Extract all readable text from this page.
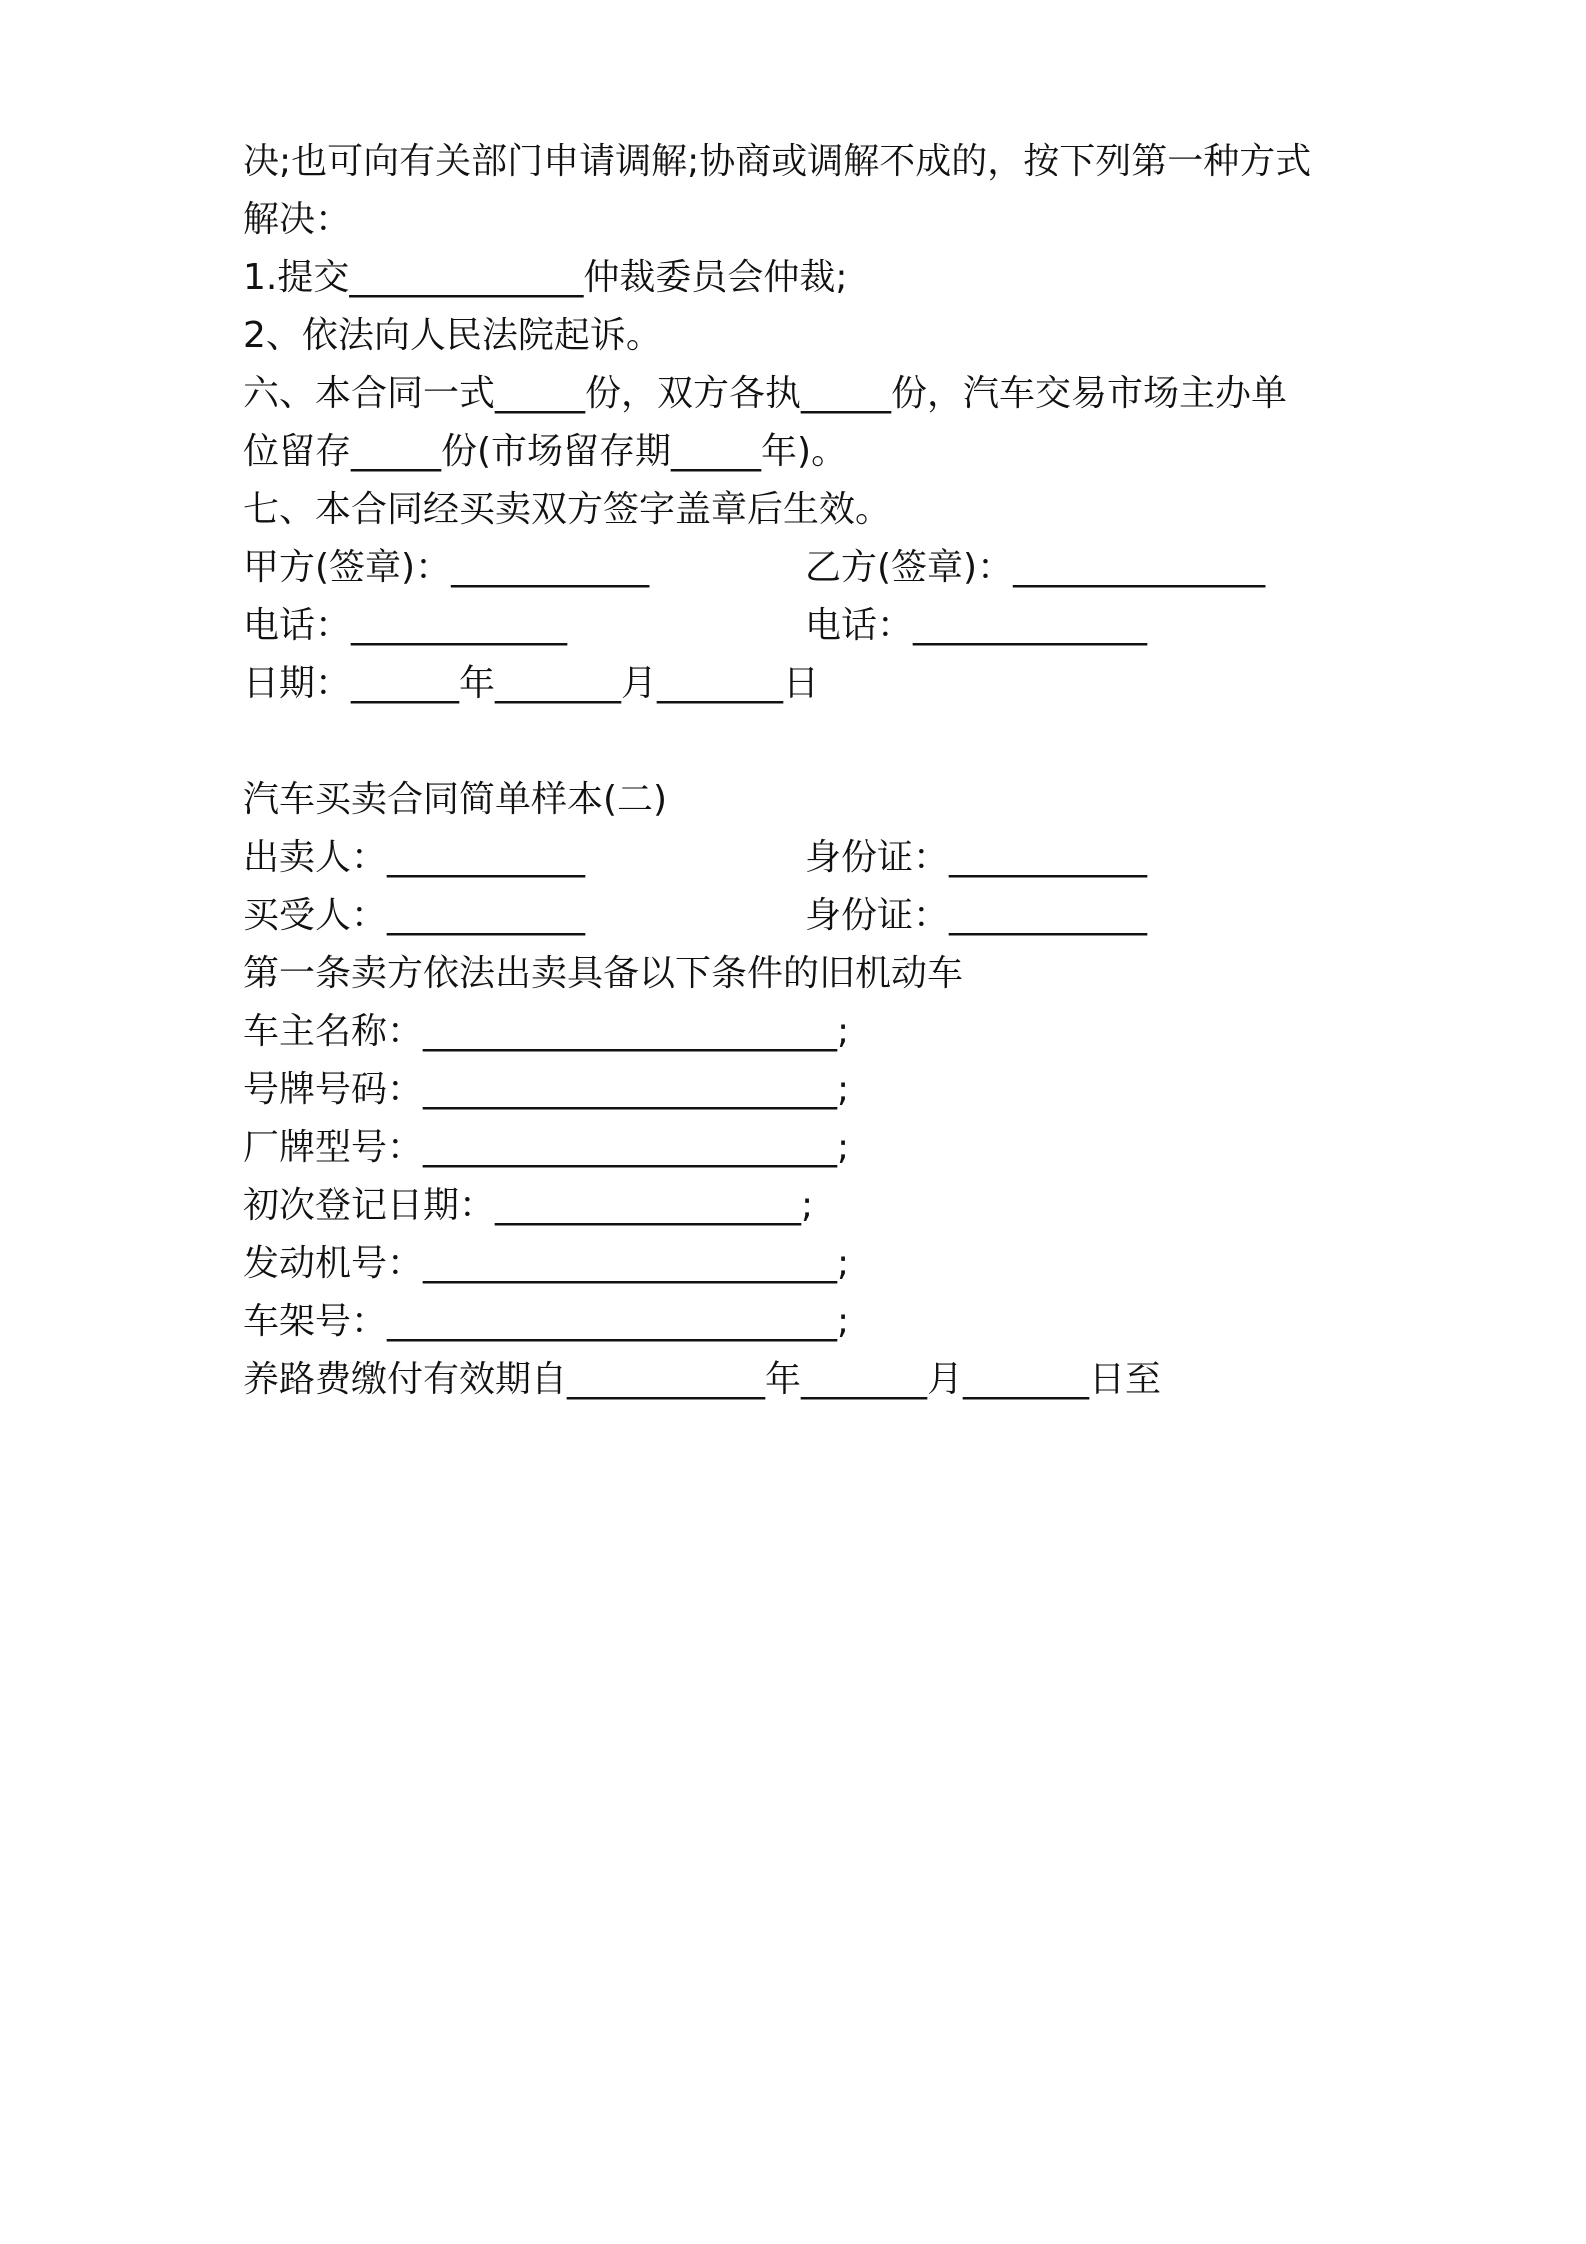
决;也可向有关部门申请调解;协商或调解不成的，按下列第一种方式
解决：
1.提交_____________仲裁委员会仲裁;
2、依法向人民法院起诉。
六、本合同一式_____份，双方各执_____份，汽车交易市场主办单
位留存_____份(市场留存期_____年)。
七、本合同经买卖双方签字盖章后生效。
甲方(签章)：___________	乙方(签章)：______________
电话：____________	电话：_____________
日期：______年_______月_______日
汽车买卖合同简单样本(二)
出卖人：___________	身份证：___________
买受人：___________	身份证：___________
第一条卖方依法出卖具备以下条件的旧机动车
车主名称：_______________________;
号牌号码：_______________________;
厂牌型号：_______________________;
初次登记日期：_________________;
发动机号：_______________________;
车架号：_________________________;
养路费缴付有效期自___________年_______月_______日至
